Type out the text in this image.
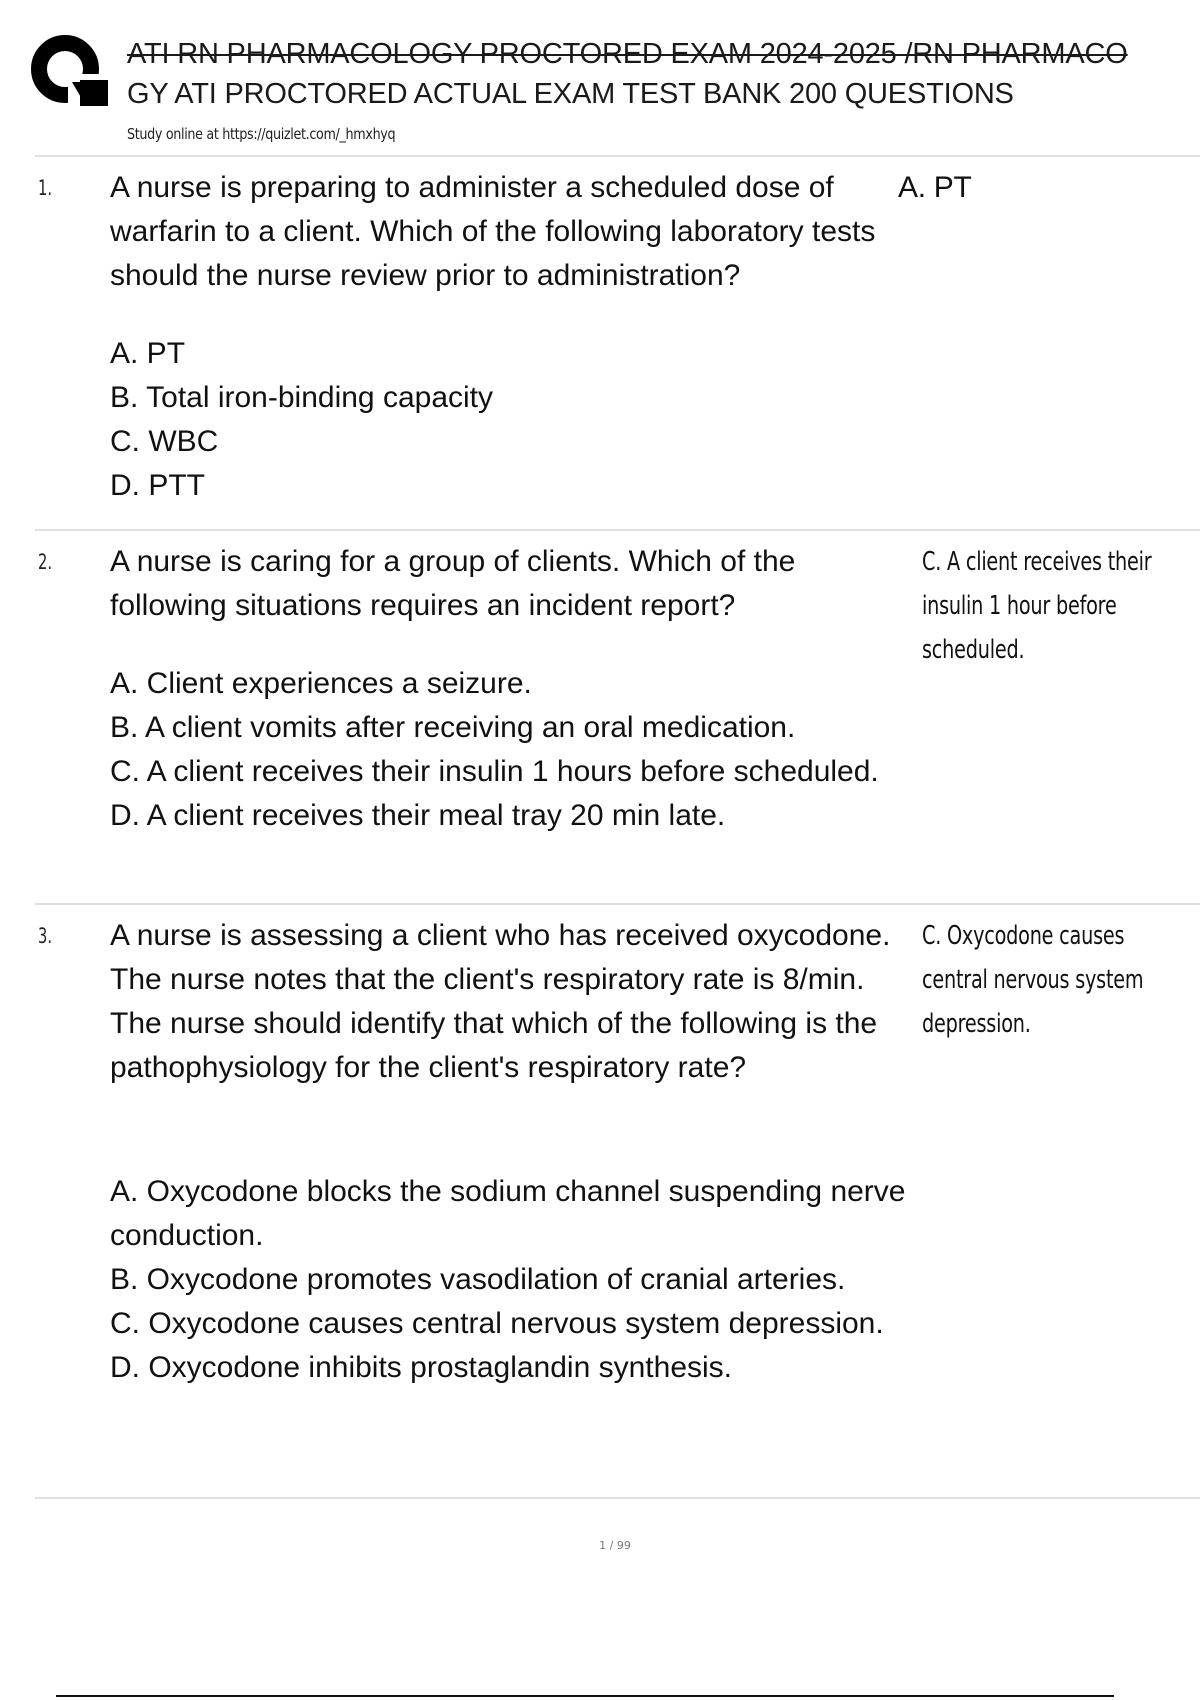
ATI RN PHARMACOLOGY PROCTORED EXAM 2024-2025 /RN PHARMACO
GY ATI PROCTORED ACTUAL EXAM TEST BANK 200 QUESTIONS
Study online at https://quizlet.com/_hmxhyq
1. A nurse is preparing to administer a scheduled dose of warfarin to a client. Which of the following laboratory tests should the nurse review prior to administration?
A. PT
A. PT
B. Total iron-binding capacity
C. WBC
D. PTT
2. A nurse is caring for a group of clients. Which of the following situations requires an incident report?
C. A client receives their insulin 1 hour before scheduled.
A. Client experiences a seizure.
B. A client vomits after receiving an oral medication.
C. A client receives their insulin 1 hours before scheduled.
D. A client receives their meal tray 20 min late.
3. A nurse is assessing a client who has received oxycodone. The nurse notes that the client's respiratory rate is 8/min. The nurse should identify that which of the following is the pathophysiology for the client's respiratory rate?
C. Oxycodone causes central nervous system depression.
A. Oxycodone blocks the sodium channel suspending nerve conduction.
B. Oxycodone promotes vasodilation of cranial arteries.
C. Oxycodone causes central nervous system depression.
D. Oxycodone inhibits prostaglandin synthesis.
1 / 99
